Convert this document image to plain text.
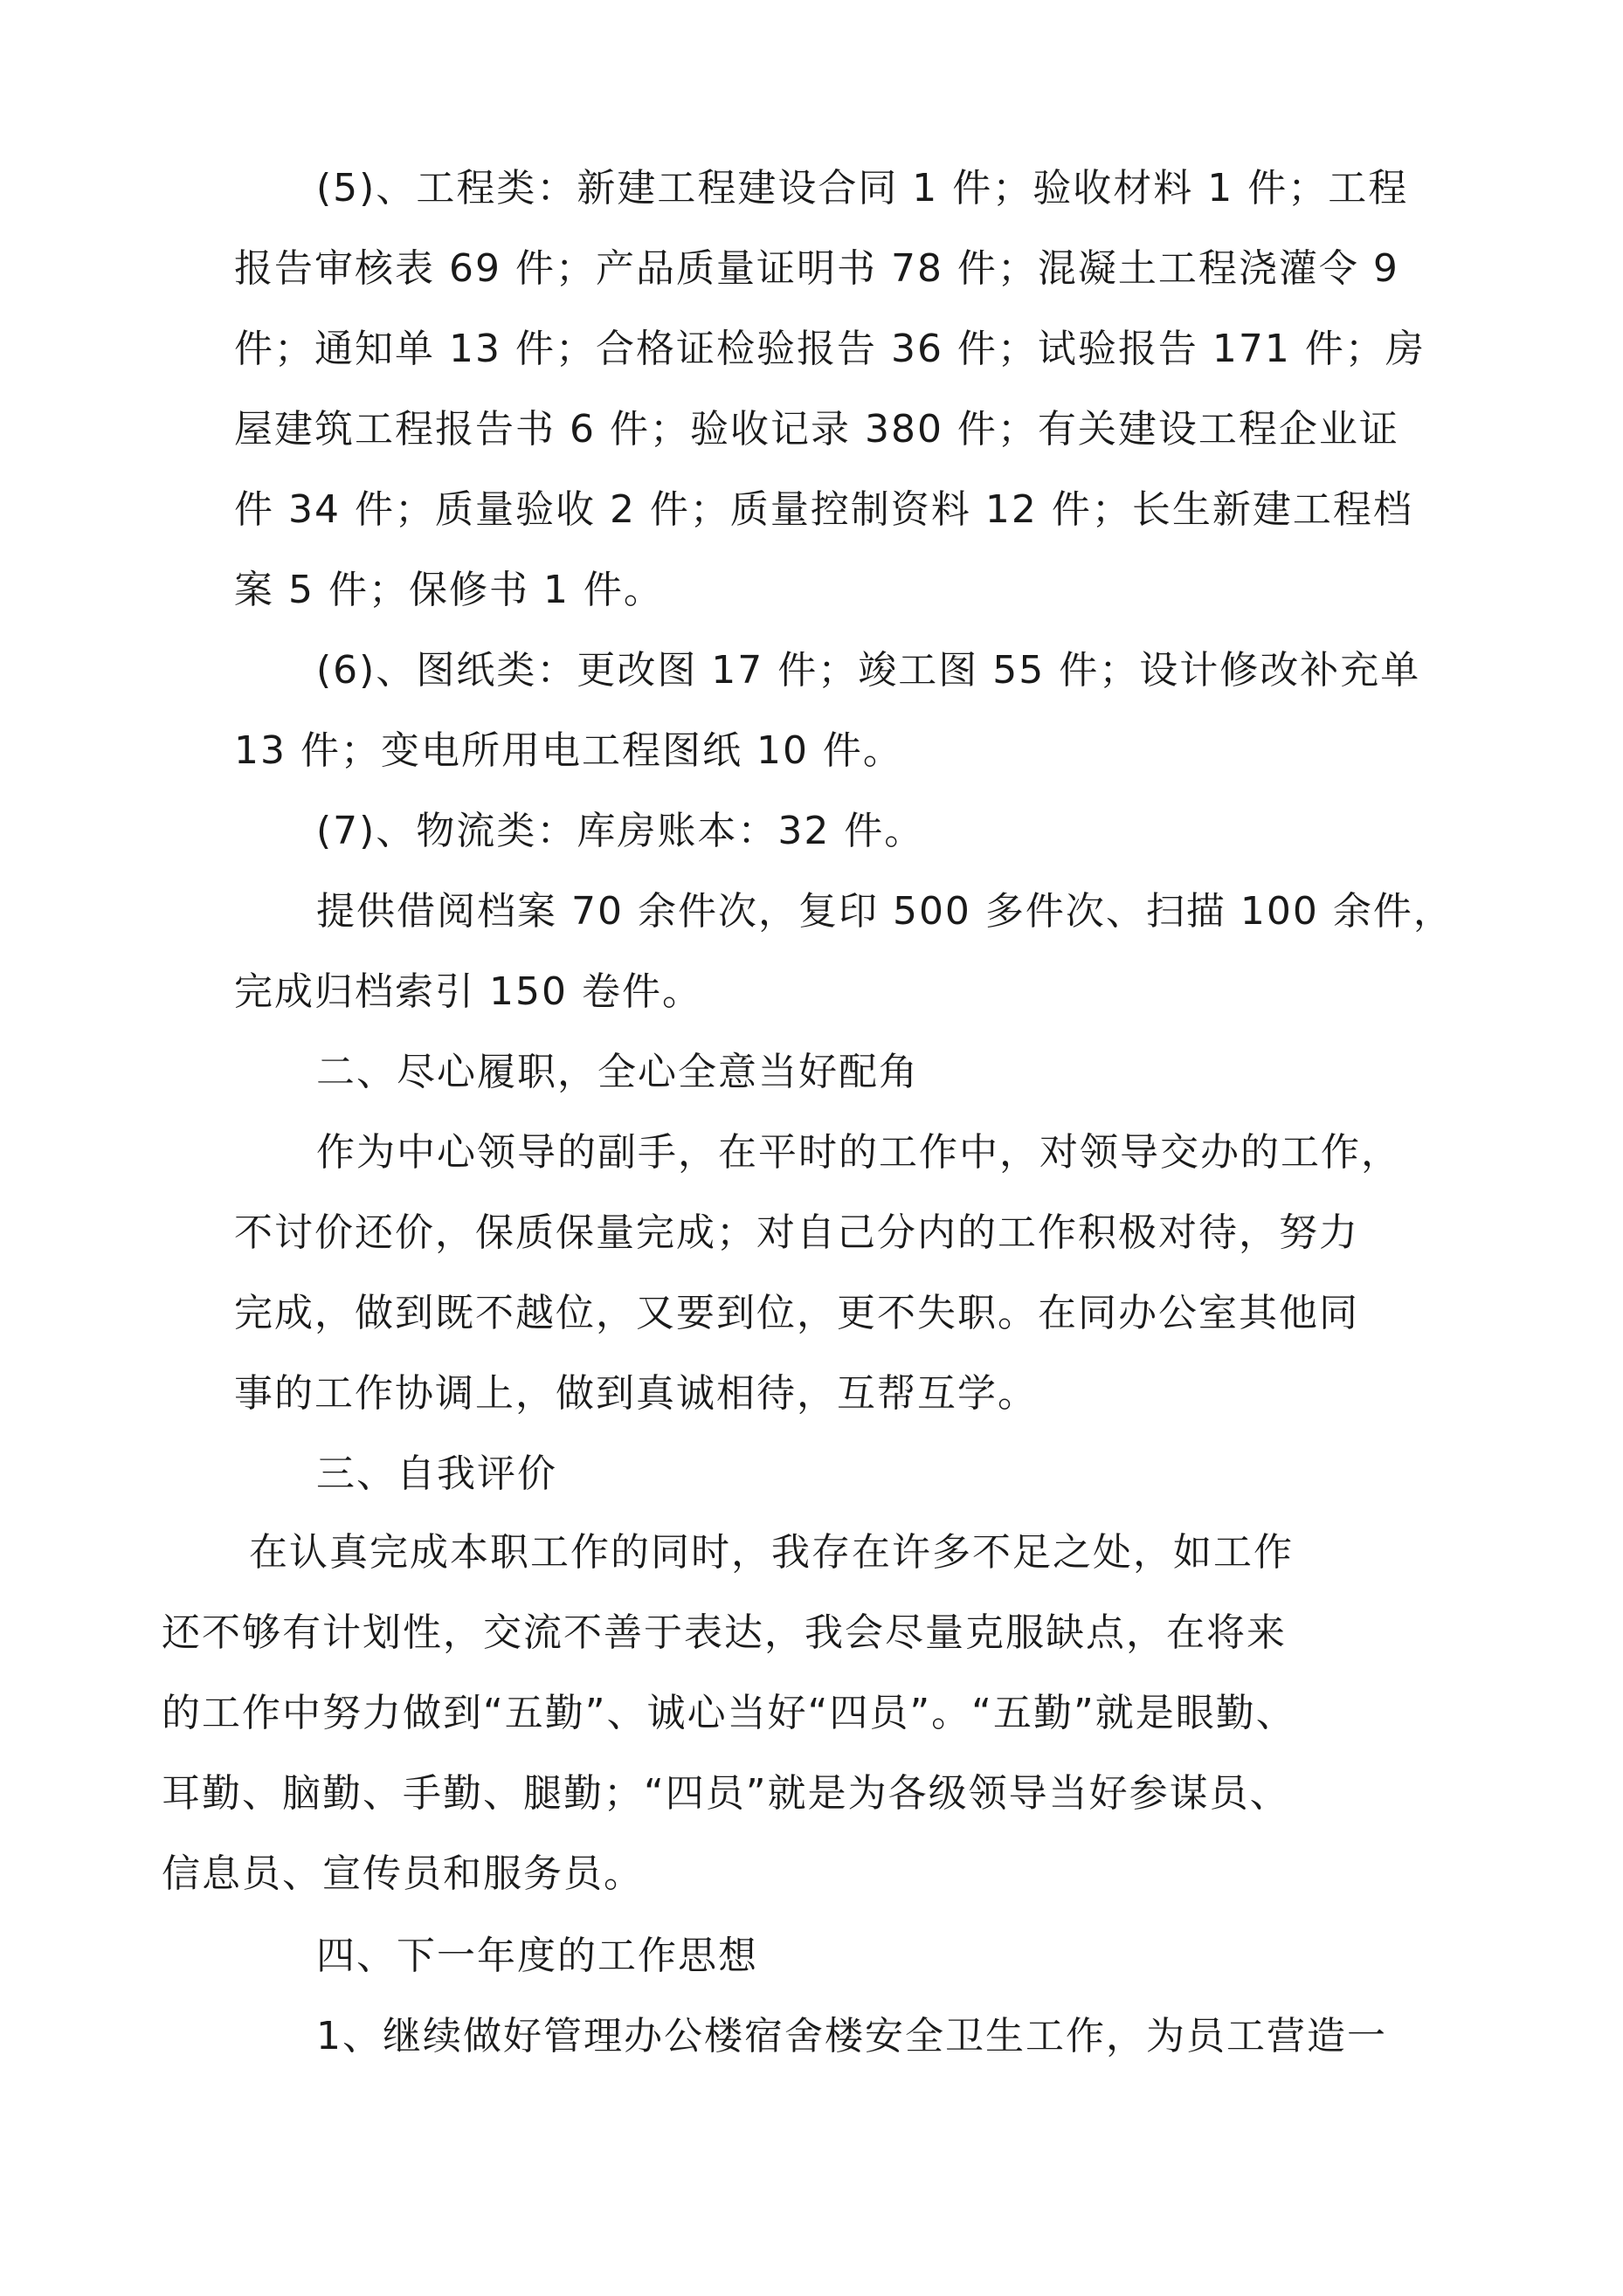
(5)、工程类：新建工程建设合同 1 件；验收材料 1 件；工程
报告审核表 69 件；产品质量证明书 78 件；混凝土工程浇灌令 9
件；通知单 13 件；合格证检验报告 36 件；试验报告 171 件；房
屋建筑工程报告书 6 件；验收记录 380 件；有关建设工程企业证
件 34 件；质量验收 2 件；质量控制资料 12 件；长生新建工程档
案 5 件；保修书 1 件。
(6)、图纸类：更改图 17 件；竣工图 55 件；设计修改补充单
13 件；变电所用电工程图纸 10 件。
(7)、物流类：库房账本：32 件。
提供借阅档案 70 余件次，复印 500 多件次、扫描 100 余件，
完成归档索引 150 卷件。
二、尽心履职，全心全意当好配角
作为中心领导的副手，在平时的工作中，对领导交办的工作，
不讨价还价，保质保量完成；对自己分内的工作积极对待，努力
完成，做到既不越位，又要到位，更不失职。在同办公室其他同
事的工作协调上，做到真诚相待，互帮互学。
三、自我评价
在认真完成本职工作的同时，我存在许多不足之处，如工作
还不够有计划性，交流不善于表达，我会尽量克服缺点，在将来
的工作中努力做到“五勤”、诚心当好“四员”。“五勤”就是眼勤、
耳勤、脑勤、手勤、腿勤；“四员”就是为各级领导当好参谋员、
信息员、宣传员和服务员。
四、下一年度的工作思想
1、继续做好管理办公楼宿舍楼安全卫生工作，为员工营造一
